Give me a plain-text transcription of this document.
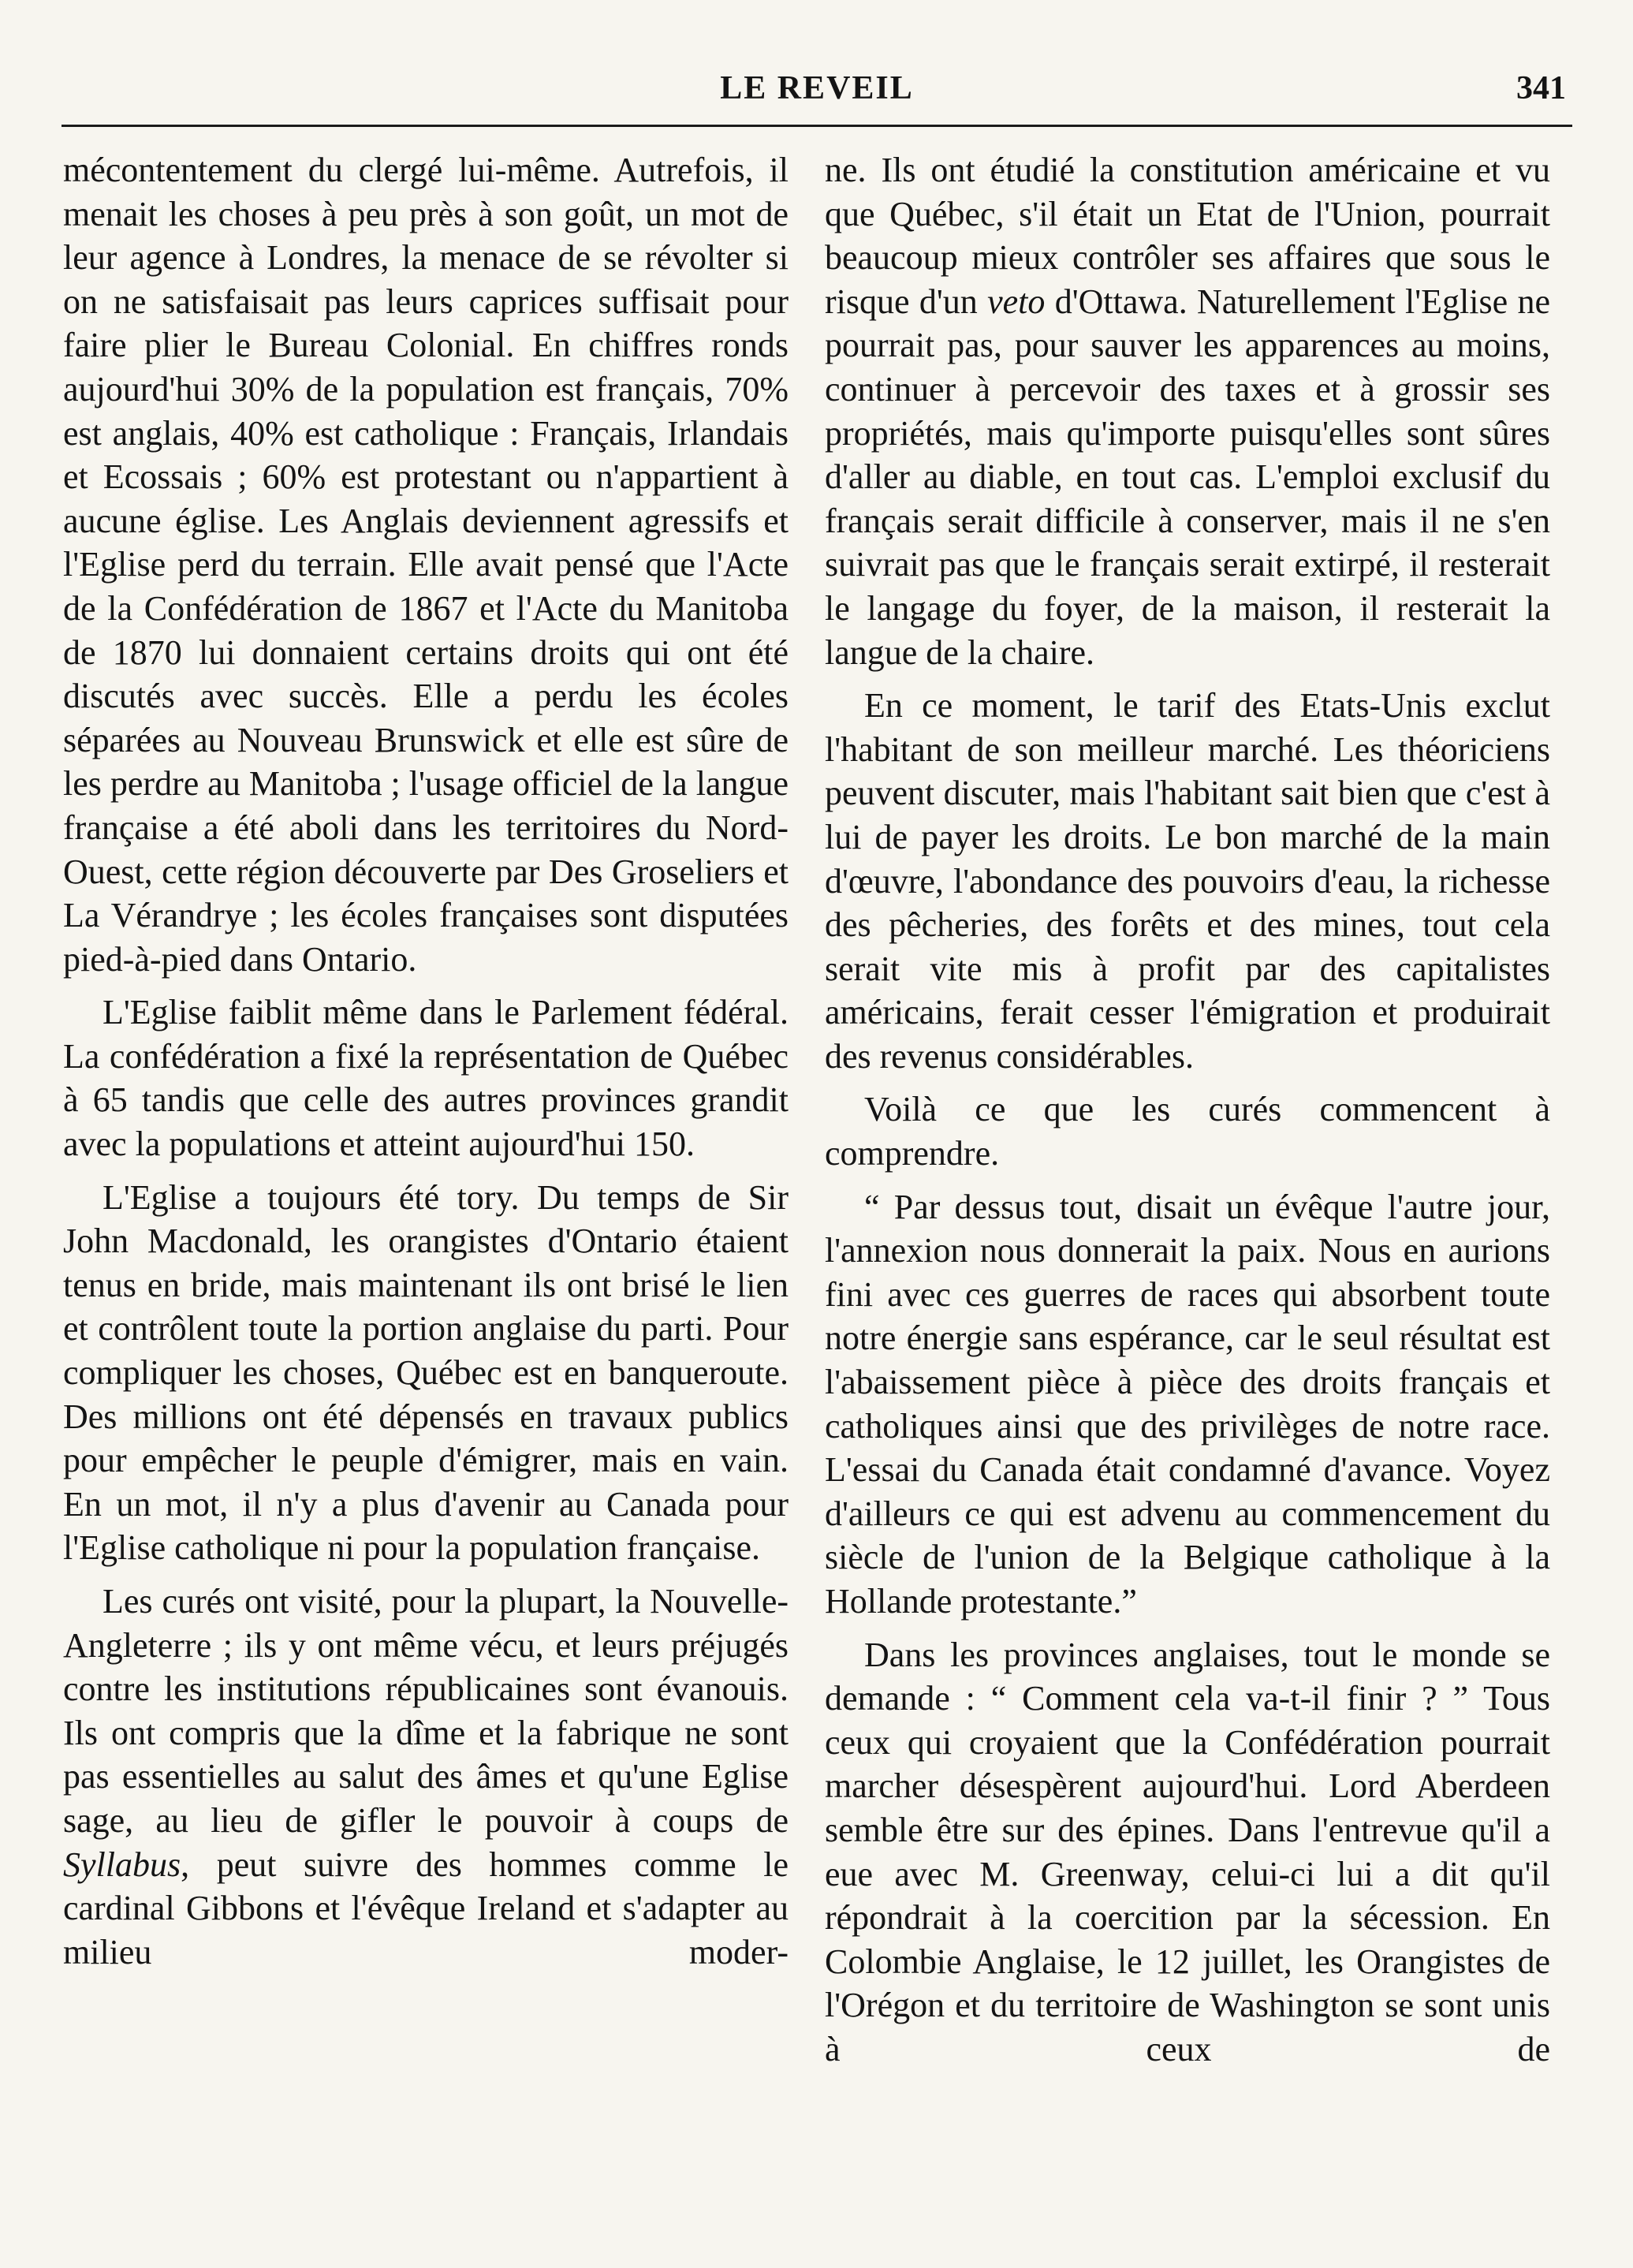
LE REVEIL	341

mécontentement du clergé lui-même. Autrefois, il menait les choses à peu près à son goût, un mot de leur agence à Londres, la menace de se révolter si on ne satisfaisait pas leurs caprices suffisait pour faire plier le Bureau Colonial. En chiffres ronds aujourd'hui 30% de la population est français, 70% est anglais, 40% est catholique : Français, Irlandais et Ecossais ; 60% est protestant ou n'appartient à aucune église. Les Anglais deviennent agressifs et l'Eglise perd du terrain. Elle avait pensé que l'Acte de la Confédération de 1867 et l'Acte du Manitoba de 1870 lui donnaient certains droits qui ont été discutés avec succès. Elle a perdu les écoles séparées au Nouveau Brunswick et elle est sûre de les perdre au Manitoba ; l'usage officiel de la langue française a été aboli dans les territoires du Nord-Ouest, cette région découverte par Des Groseliers et La Vérandrye ; les écoles françaises sont disputées pied-à-pied dans Ontario.

L'Eglise faiblit même dans le Parlement fédéral. La confédération a fixé la représentation de Québec à 65 tandis que celle des autres provinces grandit avec la populations et atteint aujourd'hui 150.

L'Eglise a toujours été tory. Du temps de Sir John Macdonald, les orangistes d'Ontario étaient tenus en bride, mais maintenant ils ont brisé le lien et contrôlent toute la portion anglaise du parti. Pour compliquer les choses, Québec est en banqueroute. Des millions ont été dépensés en travaux publics pour empêcher le peuple d'émigrer, mais en vain. En un mot, il n'y a plus d'avenir au Canada pour l'Eglise catholique ni pour la population française.

Les curés ont visité, pour la plupart, la Nouvelle-Angleterre ; ils y ont même vécu, et leurs préjugés contre les institutions républicaines sont évanouis. Ils ont compris que la dîme et la fabrique ne sont pas essentielles au salut des âmes et qu'une Eglise sage, au lieu de gifler le pouvoir à coups de Syllabus, peut suivre des hommes comme le cardinal Gibbons et l'évêque Ireland et s'adapter au milieu moder-

ne. Ils ont étudié la constitution américaine et vu que Québec, s'il était un Etat de l'Union, pourrait beaucoup mieux contrôler ses affaires que sous le risque d'un veto d'Ottawa. Naturellement l'Eglise ne pourrait pas, pour sauver les apparences au moins, continuer à percevoir des taxes et à grossir ses propriétés, mais qu'importe puisqu'elles sont sûres d'aller au diable, en tout cas. L'emploi exclusif du français serait difficile à conserver, mais il ne s'en suivrait pas que le français serait extirpé, il resterait le langage du foyer, de la maison, il resterait la langue de la chaire.

En ce moment, le tarif des Etats-Unis exclut l'habitant de son meilleur marché. Les théoriciens peuvent discuter, mais l'habitant sait bien que c'est à lui de payer les droits. Le bon marché de la main d'œuvre, l'abondance des pouvoirs d'eau, la richesse des pêcheries, des forêts et des mines, tout cela serait vite mis à profit par des capitalistes américains, ferait cesser l'émigration et produirait des revenus considérables.

Voilà ce que les curés commencent à comprendre.

“ Par dessus tout, disait un évêque l'autre jour, l'annexion nous donnerait la paix. Nous en aurions fini avec ces guerres de races qui absorbent toute notre énergie sans espérance, car le seul résultat est l'abaissement pièce à pièce des droits français et catholiques ainsi que des privilèges de notre race. L'essai du Canada était condamné d'avance. Voyez d'ailleurs ce qui est advenu au commencement du siècle de l'union de la Belgique catholique à la Hollande protestante.”

Dans les provinces anglaises, tout le monde se demande : “ Comment cela va-t-il finir ? ” Tous ceux qui croyaient que la Confédération pourrait marcher désespèrent aujourd'hui. Lord Aberdeen semble être sur des épines. Dans l'entrevue qu'il a eue avec M. Greenway, celui-ci lui a dit qu'il répondrait à la coercition par la sécession. En Colombie Anglaise, le 12 juillet, les Orangistes de l'Orégon et du territoire de Washington se sont unis à ceux de
